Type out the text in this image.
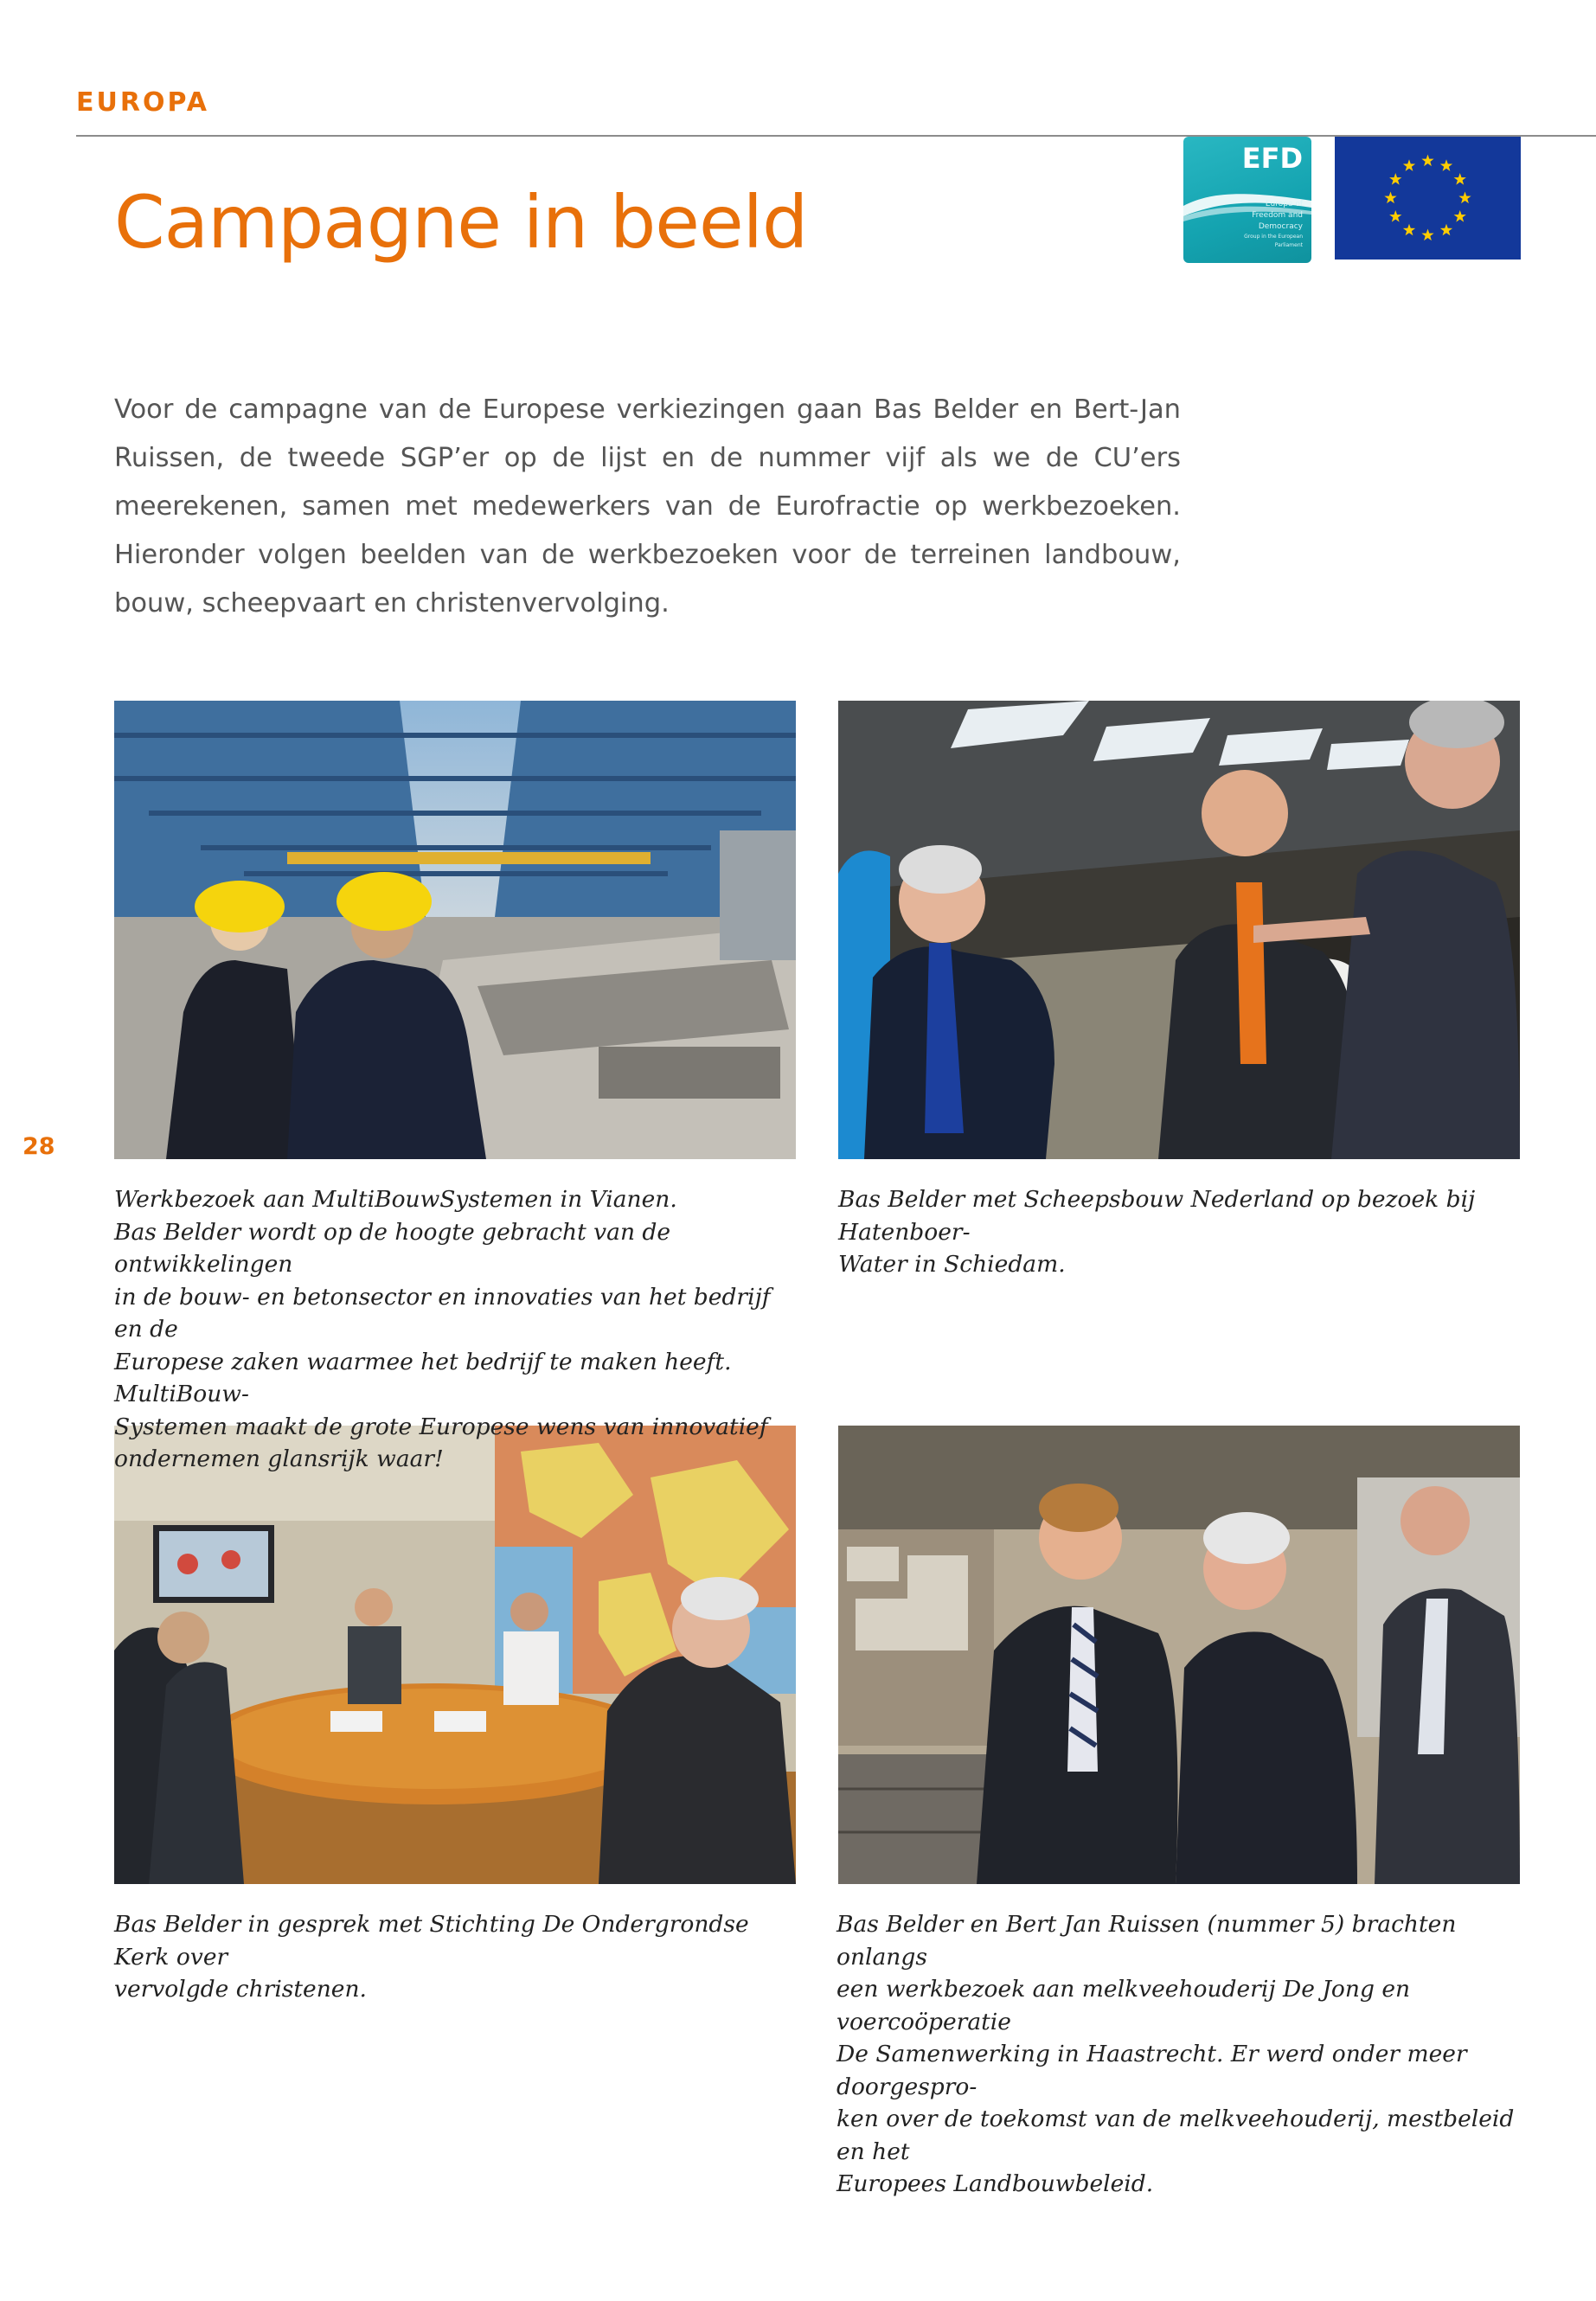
EUROPA
Campagne in beeld
EFD
Europe of
Freedom and
Democracy
Group in the European Parliament

Voor de campagne van de Europese verkiezingen gaan Bas Belder en Bert-Jan Ruissen, de tweede SGP’er op de lijst en de nummer vijf als we de CU’ers meerekenen, samen met medewerkers van de Eurofractie op werkbezoeken. Hieronder volgen beelden van de werkbezoeken voor de terreinen landbouw, bouw, scheepvaart en christenvervolging.

Werkbezoek aan MultiBouwSystemen in Vianen.
Bas Belder wordt op de hoogte gebracht van de ontwikkelingen
in de bouw- en betonsector en innovaties van het bedrijf en de
Europese zaken waarmee het bedrijf te maken heeft. MultiBouw-
Systemen maakt de grote Europese wens van innovatief
ondernemen glansrijk waar!
Bas Belder met Scheepsbouw Nederland op bezoek bij Hatenboer-
Water in Schiedam.
Bas Belder in gesprek met Stichting De Ondergrondse Kerk over
vervolgde christenen.
Bas Belder en Bert Jan Ruissen (nummer 5) brachten onlangs
een werkbezoek aan melkveehouderij De Jong en voercoöperatie
De Samenwerking in Haastrecht. Er werd onder meer doorgespro-
ken over de toekomst van de melkveehouderij, mestbeleid en het
Europees Landbouwbeleid.
28
